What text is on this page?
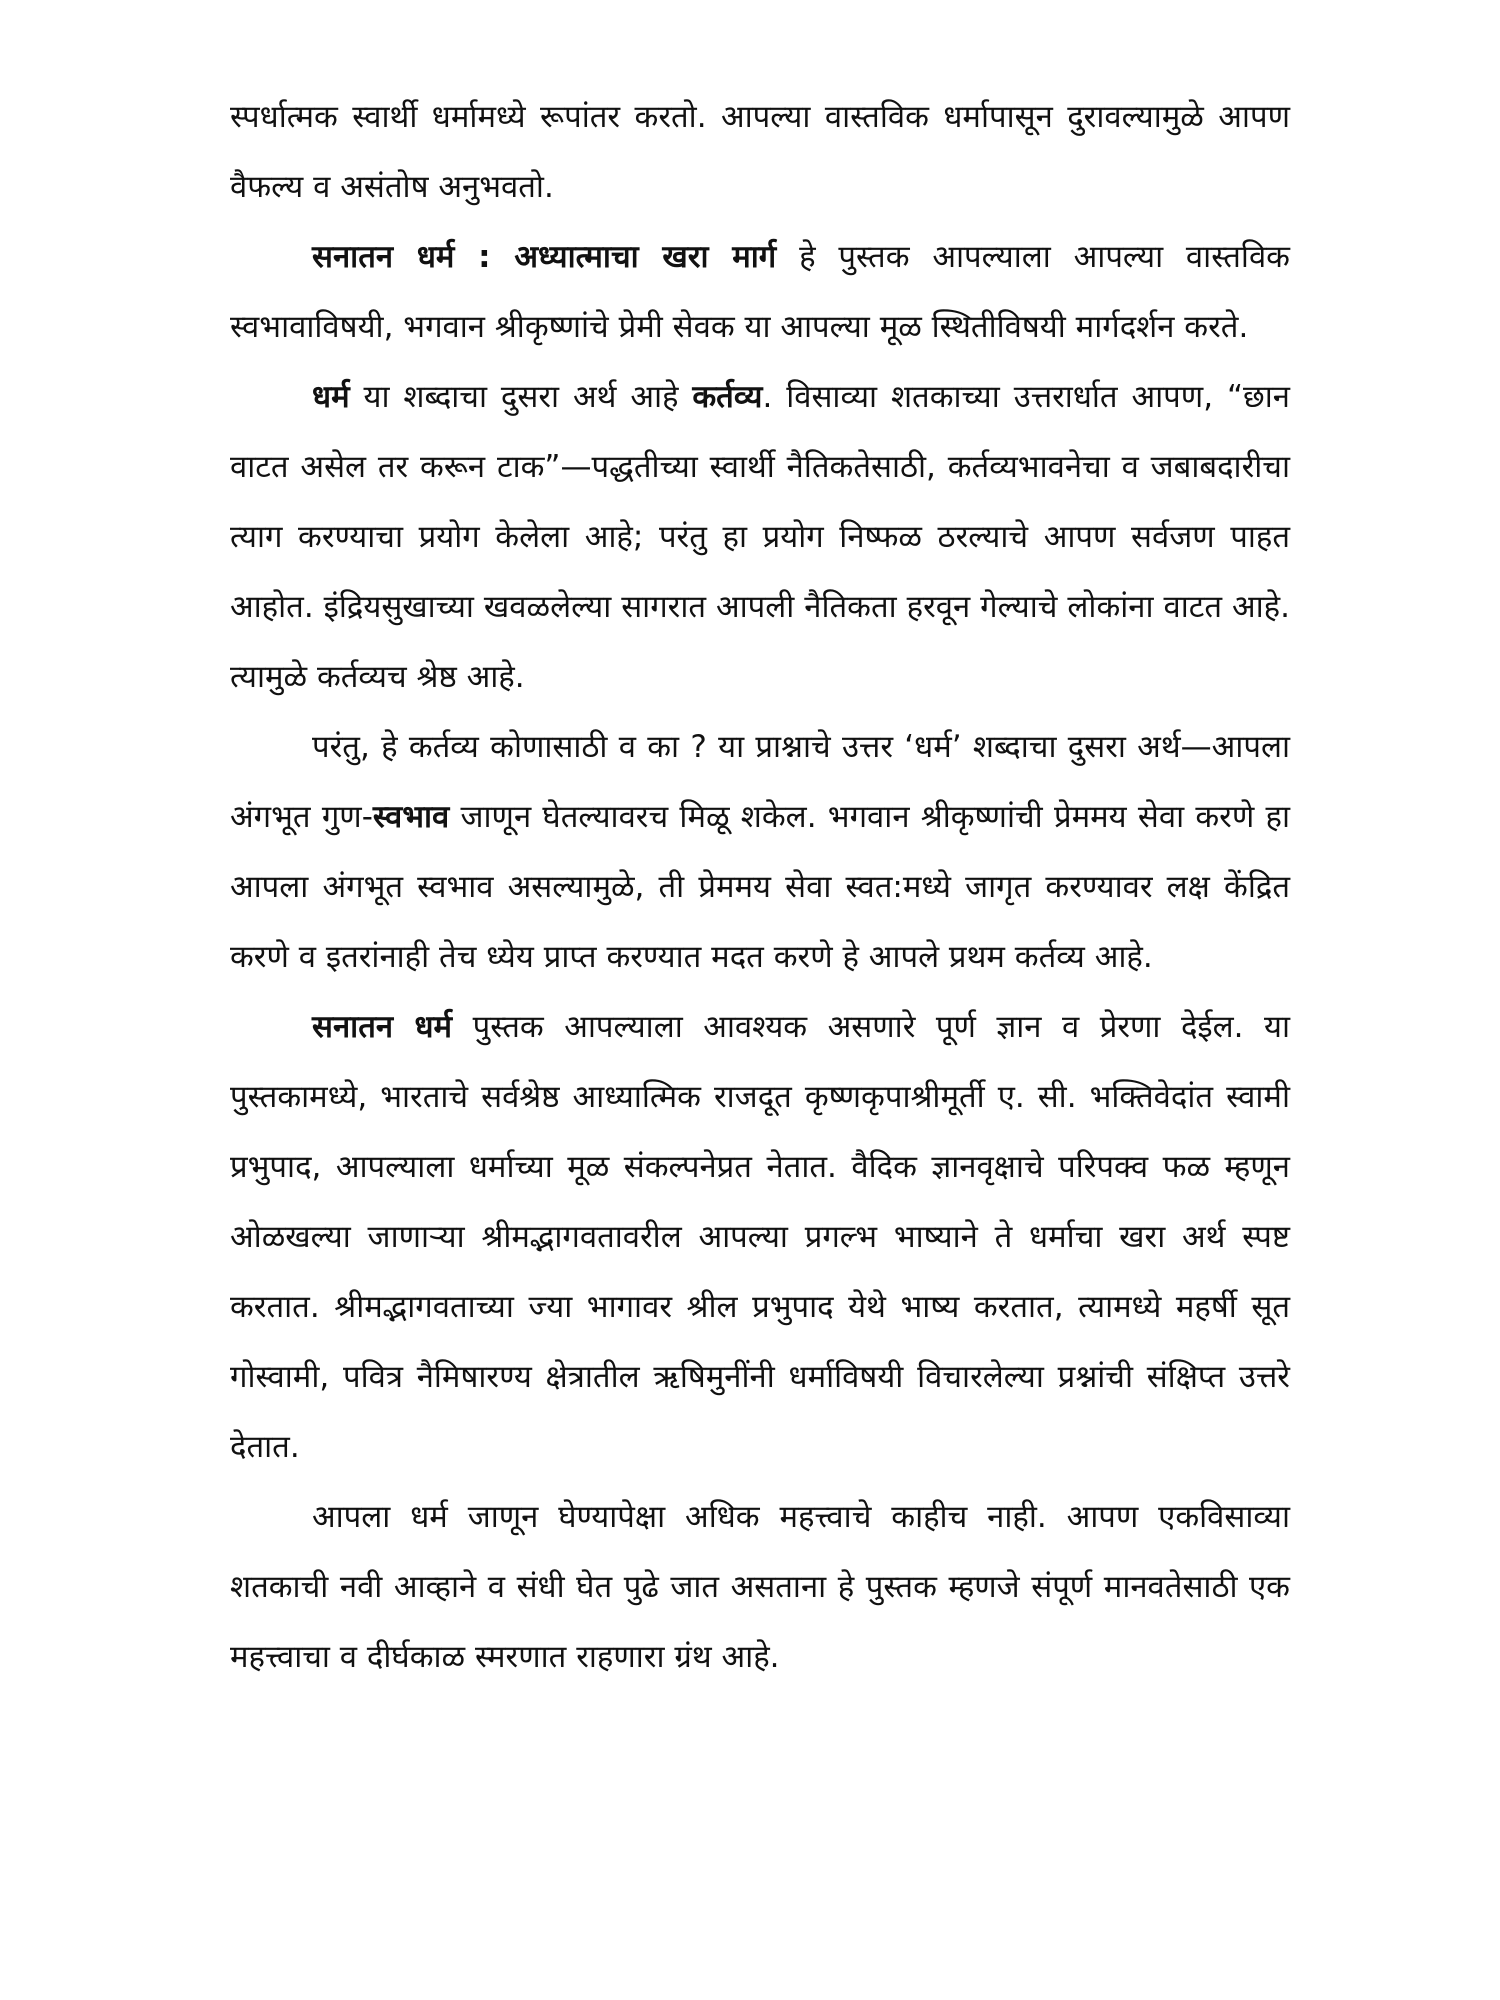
स्पर्धात्मक स्वार्थी धर्मामध्ये रूपांतर करतो. आपल्या वास्तविक धर्मापासून दुरावल्यामुळे आपण वैफल्य व असंतोष अनुभवतो.

सनातन धर्म : अध्यात्माचा खरा मार्ग हे पुस्तक आपल्याला आपल्या वास्तविक स्वभावाविषयी, भगवान श्रीकृष्णांचे प्रेमी सेवक या आपल्या मूळ स्थितीविषयी मार्गदर्शन करते.

धर्म या शब्दाचा दुसरा अर्थ आहे कर्तव्य. विसाव्या शतकाच्या उत्तरार्धात आपण, “छान वाटत असेल तर करून टाक”—पद्धतीच्या स्वार्थी नैतिकतेसाठी, कर्तव्यभावनेचा व जबाबदारीचा त्याग करण्याचा प्रयोग केलेला आहे; परंतु हा प्रयोग निष्फळ ठरल्याचे आपण सर्वजण पाहत आहोत. इंद्रियसुखाच्या खवळलेल्या सागरात आपली नैतिकता हरवून गेल्याचे लोकांना वाटत आहे. त्यामुळे कर्तव्यच श्रेष्ठ आहे.

परंतु, हे कर्तव्य कोणासाठी व का ? या प्राश्नाचे उत्तर ‘धर्म’ शब्दाचा दुसरा अर्थ—आपला अंगभूत गुण-स्वभाव जाणून घेतल्यावरच मिळू शकेल. भगवान श्रीकृष्णांची प्रेममय सेवा करणे हा आपला अंगभूत स्वभाव असल्यामुळे, ती प्रेममय सेवा स्वत:मध्ये जागृत करण्यावर लक्ष केंद्रित करणे व इतरांनाही तेच ध्येय प्राप्त करण्यात मदत करणे हे आपले प्रथम कर्तव्य आहे.

सनातन धर्म पुस्तक आपल्याला आवश्यक असणारे पूर्ण ज्ञान व प्रेरणा देईल. या पुस्तकामध्ये, भारताचे सर्वश्रेष्ठ आध्यात्मिक राजदूत कृष्णकृपाश्रीमूर्ती ए. सी. भक्तिवेदांत स्वामी प्रभुपाद, आपल्याला धर्माच्या मूळ संकल्पनेप्रत नेतात. वैदिक ज्ञानवृक्षाचे परिपक्व फळ म्हणून ओळखल्या जाणाऱ्या श्रीमद्भागवतावरील आपल्या प्रगल्भ भाष्याने ते धर्माचा खरा अर्थ स्पष्ट करतात. श्रीमद्भागवताच्या ज्या भागावर श्रील प्रभुपाद येथे भाष्य करतात, त्यामध्ये महर्षी सूत गोस्वामी, पवित्र नैमिषारण्य क्षेत्रातील ऋषिमुनींनी धर्माविषयी विचारलेल्या प्रश्नांची संक्षिप्त उत्तरे देतात.

आपला धर्म जाणून घेण्यापेक्षा अधिक महत्त्वाचे काहीच नाही. आपण एकविसाव्या शतकाची नवी आव्हाने व संधी घेत पुढे जात असताना हे पुस्तक म्हणजे संपूर्ण मानवतेसाठी एक महत्त्वाचा व दीर्घकाळ स्मरणात राहणारा ग्रंथ आहे.
